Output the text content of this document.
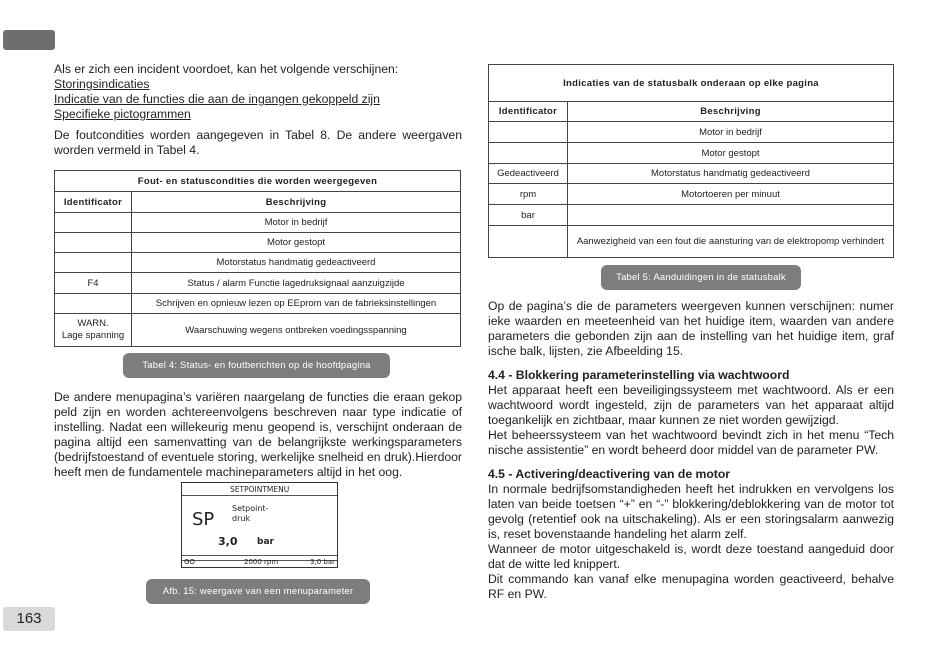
Als er zich een incident voordoet, kan het volgende verschijnen:

Storingsindicaties

Indicatie van de functies die aan de ingangen gekoppeld zijn

Specifieke pictogrammen

De foutcondities worden aangegeven in Tabel 8. De andere weergaven worden vermeld in Tabel 4.

Fout- en statuscondities die worden weergegeven	
Identificator	Beschrijving
	Motor in bedrijf
	Motor gestopt
	Motorstatus handmatig gedeactiveerd
F4	Status / alarm Functie lagedruksignaal aanzuigzijde
	Schrijven en opnieuw lezen op EEprom van de fabrieksinstellingen
WARN.
Lage spanning	Waarschuwing wegens ontbreken voedingsspanning
Tabel 4: Status- en foutberichten op de hoofdpagina
De andere menupagina’s variëren naargelang de functies die eraan gekop peld zijn en worden achtereenvolgens beschreven naar type indicatie of instelling. Nadat een willekeurig menu geopend is, verschijnt onderaan de pagina altijd een samenvatting van de belangrijkste werkingsparameters (bedrijfstoestand of eventuele storing, werkelijke snelheid en druk).Hierdoor heeft men de fundamentele machineparameters altijd in het oog.
SETPOINTMENU
SP
Setpoint-
druk
3,0 bar
GO	2000 rpm	3,0 bar
Afb. 15: weergave van een menuparameter
163
Indicaties van de statusbalk onderaan op elke pagina	
Identificator	Beschrijving
	Motor in bedrijf
	Motor gestopt
Gedeactiveerd	Motorstatus handmatig gedeactiveerd
rpm	Motortoeren per minuut
bar	
	Aanwezigheid van een fout die aansturing van de elektropomp verhindert
Tabel 5: Aanduidingen in de statusbalk

Op de pagina’s die de parameters weergeven kunnen verschijnen: numer ieke waarden en meeteenheid van het huidige item, waarden van andere parameters die gebonden zijn aan de instelling van het huidige item, graf ische balk, lijsten, zie Afbeelding 15.

4.4 - Blokkering parameterinstelling via wachtwoord

Het apparaat heeft een beveiligingssysteem met wachtwoord. Als er een wachtwoord wordt ingesteld, zijn de parameters van het apparaat altijd toegankelijk en zichtbaar, maar kunnen ze niet worden gewijzigd.

Het beheerssysteem van het wachtwoord bevindt zich in het menu “Tech nische assistentie” en wordt beheerd door middel van de parameter PW.

4.5 - Activering/deactivering van de motor

In normale bedrijfsomstandigheden heeft het indrukken en vervolgens los laten van beide toetsen “+” en “-” blokkering/deblokkering van de motor tot gevolg (retentief ook na uitschakeling). Als er een storingsalarm aanwezig is, reset bovenstaande handeling het alarm zelf.

Wanneer de motor uitgeschakeld is, wordt deze toestand aangeduid door dat de witte led knippert.

Dit commando kan vanaf elke menupagina worden geactiveerd, behalve RF en PW.
